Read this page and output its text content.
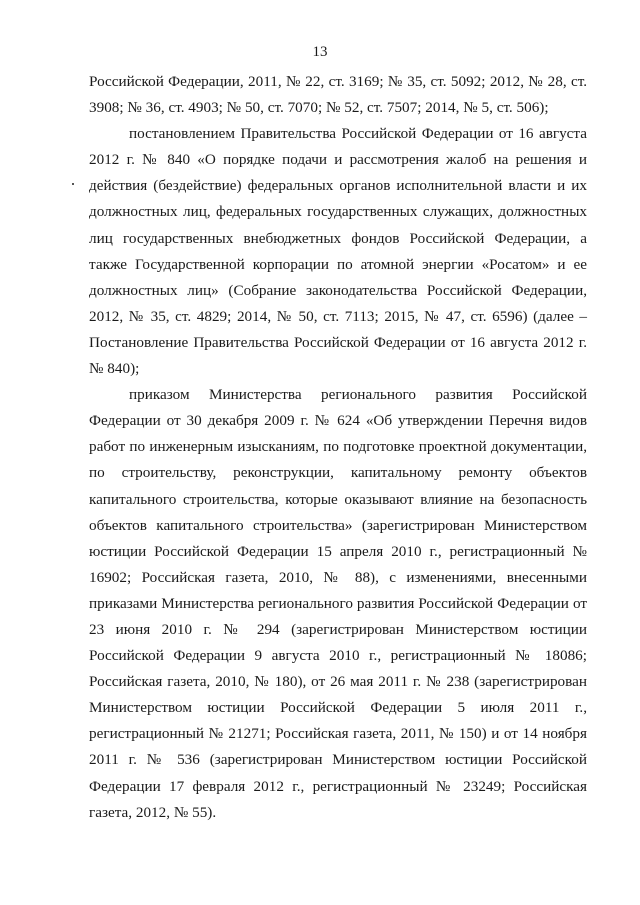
13

Российской Федерации, 2011, № 22, ст. 3169; № 35, ст. 5092; 2012, № 28, ст. 3908; № 36, ст. 4903; № 50, ст. 7070; № 52, ст. 7507; 2014, № 5, ст. 506);

постановлением Правительства Российской Федерации от 16 августа 2012 г. № 840 «О порядке подачи и рассмотрения жалоб на решения и действия (бездействие) федеральных органов исполнительной власти и их должностных лиц, федеральных государственных служащих, должностных лиц государственных внебюджетных фондов Российской Федерации, а также Государственной корпорации по атомной энергии «Росатом» и ее должностных лиц» (Собрание законодательства Российской Федерации, 2012, № 35, ст. 4829; 2014, № 50, ст. 7113; 2015, № 47, ст. 6596) (далее – Постановление Правительства Российской Федерации от 16 августа 2012 г. № 840);

приказом Министерства регионального развития Российской Федерации от 30 декабря 2009 г. № 624 «Об утверждении Перечня видов работ по инженерным изысканиям, по подготовке проектной документации, по строительству, реконструкции, капитальному ремонту объектов капитального строительства, которые оказывают влияние на безопасность объектов капитального строительства» (зарегистрирован Министерством юстиции Российской Федерации 15 апреля 2010 г., регистрационный № 16902; Российская газета, 2010, № 88), с изменениями, внесенными приказами Министерства регионального развития Российской Федерации от 23 июня 2010 г. № 294 (зарегистрирован Министерством юстиции Российской Федерации 9 августа 2010 г., регистрационный № 18086; Российская газета, 2010, № 180), от 26 мая 2011 г. № 238 (зарегистрирован Министерством юстиции Российской Федерации 5 июля 2011 г., регистрационный № 21271; Российская газета, 2011, № 150) и от 14 ноября 2011 г. № 536 (зарегистрирован Министерством юстиции Российской Федерации 17 февраля 2012 г., регистрационный № 23249; Российская газета, 2012, № 55).
